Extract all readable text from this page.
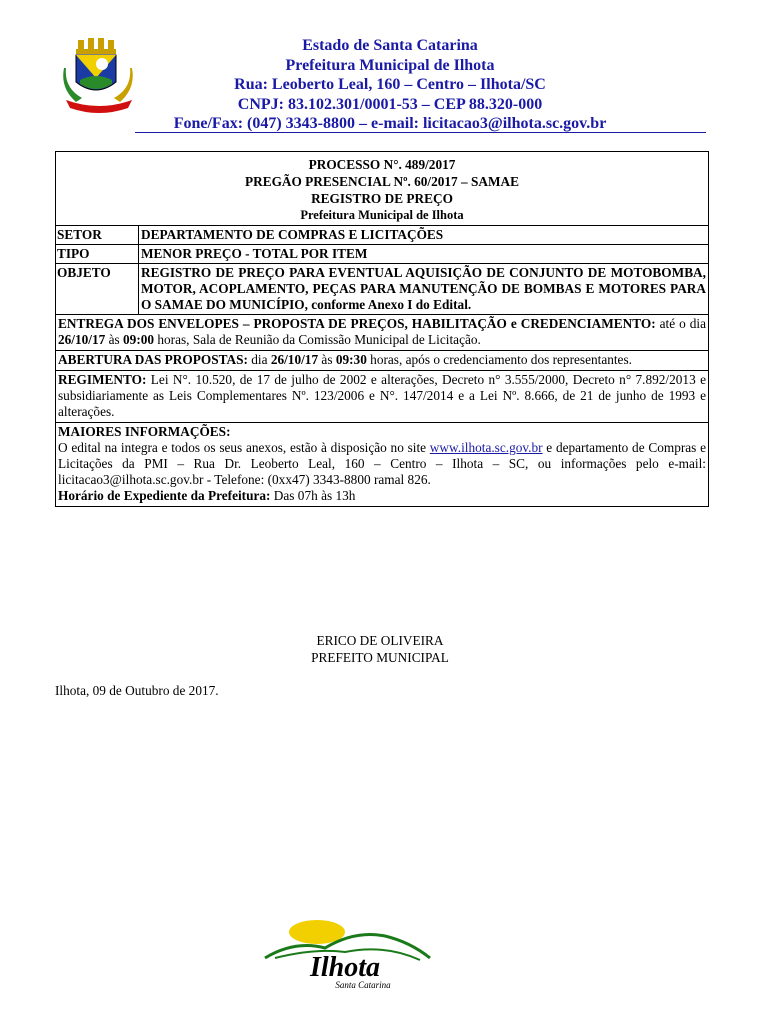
Estado de Santa Catarina
Prefeitura Municipal de Ilhota
Rua: Leoberto Leal, 160 – Centro – Ilhota/SC
CNPJ: 83.102.301/0001-53 – CEP 88.320-000
Fone/Fax: (047) 3343-8800 – e-mail: licitacao3@ilhota.sc.gov.br
PROCESSO N°. 489/2017
PREGÃO PRESENCIAL Nº. 60/2017 – SAMAE
REGISTRO DE PREÇO
Prefeitura Municipal de Ilhota
SETOR	DEPARTAMENTO DE COMPRAS E LICITAÇÕES
TIPO	MENOR PREÇO - TOTAL POR ITEM
OBJETO	REGISTRO DE PREÇO PARA EVENTUAL AQUISIÇÃO DE CONJUNTO DE MOTOBOMBA, MOTOR, ACOPLAMENTO, PEÇAS PARA MANUTENÇÃO DE BOMBAS E MOTORES PARA O SAMAE DO MUNICÍPIO, conforme Anexo I do Edital.
ENTREGA DOS ENVELOPES – PROPOSTA DE PREÇOS, HABILITAÇÃO e CREDENCIAMENTO: até o dia 26/10/17 às 09:00 horas, Sala de Reunião da Comissão Municipal de Licitação.
ABERTURA DAS PROPOSTAS: dia 26/10/17 às 09:30 horas, após o credenciamento dos representantes.
REGIMENTO: Lei N°. 10.520, de 17 de julho de 2002 e alterações, Decreto n° 3.555/2000, Decreto n° 7.892/2013 e subsidiariamente as Leis Complementares Nº. 123/2006 e N°. 147/2014 e a Lei Nº. 8.666, de 21 de junho de 1993 e alterações.
MAIORES INFORMAÇÕES:
O edital na integra e todos os seus anexos, estão à disposição no site www.ilhota.sc.gov.br e departamento de Compras e Licitações da PMI – Rua Dr. Leoberto Leal, 160 – Centro – Ilhota – SC, ou informações pelo e-mail: licitacao3@ilhota.sc.gov.br - Telefone: (0xx47) 3343-8800 ramal 826.
Horário de Expediente da Prefeitura: Das 07h às 13h
ERICO DE OLIVEIRA
PREFEITO MUNICIPAL
Ilhota, 09 de Outubro de 2017.
Ilhota
Santa Catarina
